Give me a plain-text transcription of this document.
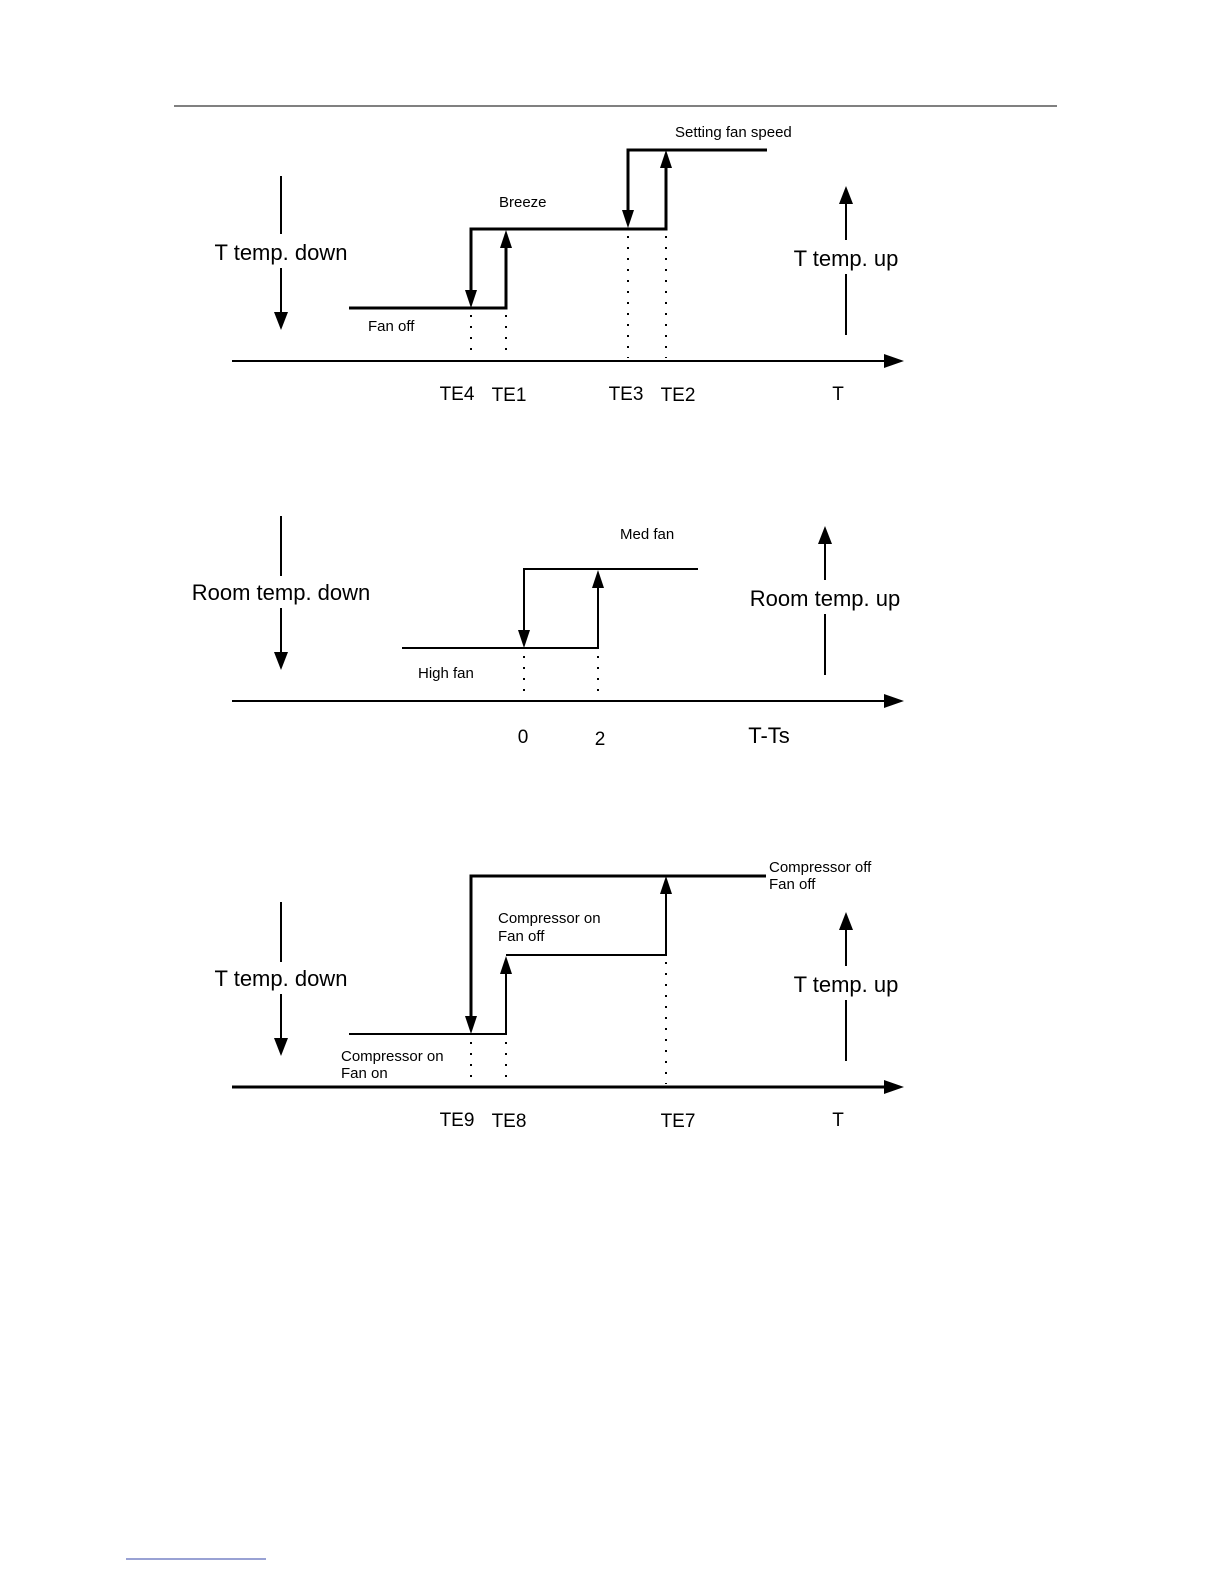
T temp. down	T temp. up
Fan off
Breeze
Setting fan speed
TE4 TE1	TE3 TE2	T
Room temp. down	Room temp. up
High fan
Med fan
0	2	T-Ts
T temp. down	T temp. up
Compressor on
Fan on
Compressor on
Fan off
Compressor off
Fan off
TE9 TE8	TE7	T
